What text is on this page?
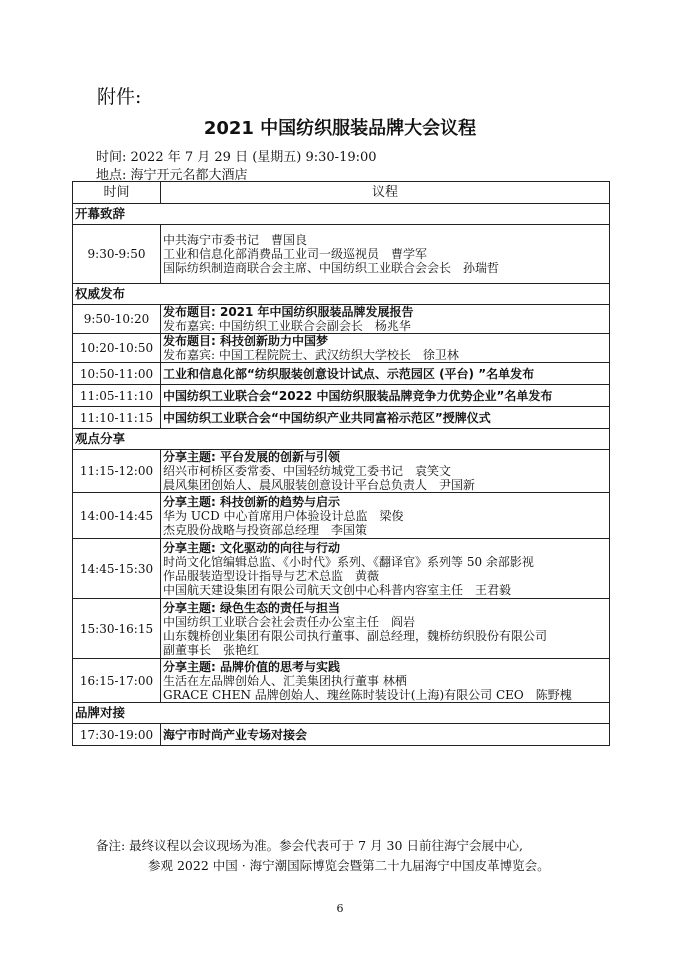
附件:
2021 中国纺织服装品牌大会议程
时间: 2022 年 7 月 29 日 (星期五) 9:30-19:00
地点: 海宁开元名都大酒店
时间	议程
开幕致辞	
9:30-9:50	中共海宁市委书记　曹国良
工业和信息化部消费品工业司一级巡视员　曹学军
国际纺织制造商联合会主席、中国纺织工业联合会会长　孙瑞哲

权威发布	
9:50-10:20	发布题目: 2021 年中国纺织服装品牌发展报告
发布嘉宾: 中国纺织工业联合会副会长　杨兆华

10:20-10:50	发布题目: 科技创新助力中国梦
发布嘉宾: 中国工程院院士、武汉纺织大学校长　徐卫林

10:50-11:00	工业和信息化部“纺织服装创意设计试点、示范园区 (平台) ”名单发布

11:05-11:10	中国纺织工业联合会“2022 中国纺织服装品牌竞争力优势企业”名单发布

11:10-11:15	中国纺织工业联合会“中国纺织产业共同富裕示范区”授牌仪式

观点分享	
11:15-12:00	分享主题: 平台发展的创新与引领
绍兴市柯桥区委常委、中国轻纺城党工委书记　袁笑文
晨风集团创始人、晨风服装创意设计平台总负责人　尹国新

14:00-14:45	分享主题: 科技创新的趋势与启示
华为 UCD 中心首席用户体验设计总监　梁俊
杰克股份战略与投资部总经理　李国策

14:45-15:30	分享主题: 文化驱动的向往与行动
时尚文化馆编辑总监、《小时代》系列、《翻译官》系列等 50 余部影视
作品服装造型设计指导与艺术总监　黄薇
中国航天建设集团有限公司航天文创中心科普内容室主任　王君毅

15:30-16:15	分享主题: 绿色生态的责任与担当
中国纺织工业联合会社会责任办公室主任　阎岩
山东魏桥创业集团有限公司执行董事、副总经理，魏桥纺织股份有限公司
副董事长　张艳红

16:15-17:00	分享主题: 品牌价值的思考与实践
生活在左品牌创始人、汇美集团执行董事 林栖
GRACE CHEN 品牌创始人、瑰丝陈时装设计(上海)有限公司 CEO　陈野槐

品牌对接	
17:30-19:00	海宁市时尚产业专场对接会
备注: 最终议程以会议现场为准。参会代表可于 7 月 30 日前往海宁会展中心,
参观 2022 中国 · 海宁潮国际博览会暨第二十九届海宁中国皮革博览会。
6
